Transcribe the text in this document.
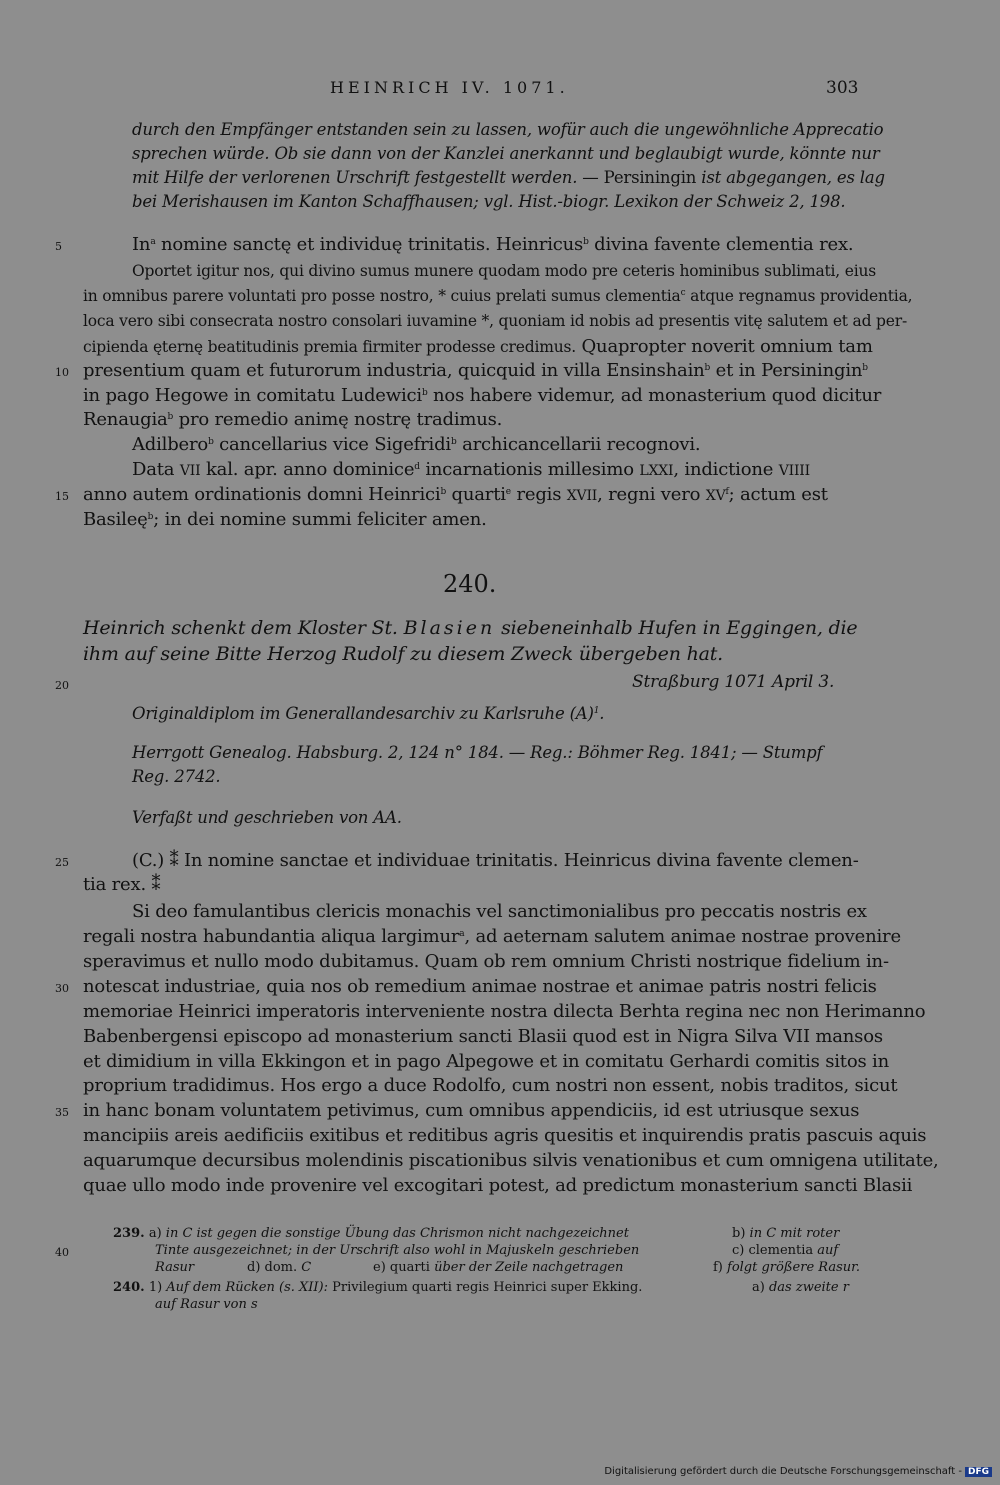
HEINRICH IV. 1071.	303
durch den Empfänger entstanden sein zu lassen, wofür auch die ungewöhnliche Apprecatio
sprechen würde. Ob sie dann von der Kanzlei anerkannt und beglaubigt wurde, könnte nur
mit Hilfe der verlorenen Urschrift festgestellt werden. — Persiningin ist abgegangen, es lag
bei Merishausen im Kanton Schaffhausen; vgl. Hist.-biogr. Lexikon der Schweiz 2, 198.
5	In$^a$ nomine sanctę et individuę trinitatis. Heinricus$^b$ divina favente clementia rex.
Oportet igitur nos, qui divino sumus munere quodam modo pre ceteris hominibus sublimati, eius
in omnibus parere voluntati pro posse nostro, * cuius prelati sumus clementia$^c$ atque regnamus providentia,
loca vero sibi consecrata nostro consolari iuvamine *, quoniam id nobis ad presentis vitę salutem et ad per-
cipienda ęternę beatitudinis premia firmiter prodesse credimus. Quapropter noverit omnium tam
10 presentium quam et futurorum industria, quicquid in villa Ensinshain$^b$ et in Persiningin$^b$
in pago Hegowe in comitatu Ludewici$^b$ nos habere videmur, ad monasterium quod dicitur
Renaugia$^b$ pro remedio animę nostrę tradimus.
Adilbero$^b$ cancellarius vice Sigefridi$^b$ archicancellarii recognovi.
Data VII kal. apr. anno dominice$^d$ incarnationis millesimo LXXI, indictione VIIII
15 anno autem ordinationis domni Heinrici$^b$ quarti$^e$ regis XVII, regni vero $XV^f$; actum est
Basileę$^b$; in dei nomine summi feliciter amen.
240.
Heinrich schenkt dem Kloster St. Blasien siebeneinhalb Hufen in Eggingen, die
ihm auf seine Bitte Herzog Rudolf zu diesem Zweck übergeben hat.
20	Straßburg 1071 April 3.
Originaldiplom im Generallandesarchiv zu Karlsruhe $(A)^1$.
Herrgott Genealog. Habsburg. 2, 124 n° 184. — Reg.: Böhmer Reg. 1841; — Stumpf
Reg. 2742.
Verfaßt und geschrieben von AA.
25	(C.) ⁑ In nomine sanctae et individuae trinitatis. Heinricus divina favente clemen-
tia rex. ⁑
Si deo famulantibus clericis monachis vel sanctimonialibus pro peccatis nostris ex
regali nostra habundantia aliqua largimur$^a$, ad aeternam salutem animae nostrae provenire
speravimus et nullo modo dubitamus. Quam ob rem omnium Christi nostrique fidelium in-
30 notescat industriae, quia nos ob remedium animae nostrae et animae patris nostri felicis
memoriae Heinrici imperatoris interveniente nostra dilecta Berhta regina nec non Herimanno
Babenbergensi episcopo ad monasterium sancti Blasii quod est in Nigra Silva VII mansos
et dimidium in villa Ekkingon et in pago Alpegowe et in comitatu Gerhardi comitis sitos in
proprium tradidimus. Hos ergo a duce Rodolfo, cum nostri non essent, nobis traditos, sicut
35 in hanc bonam voluntatem petivimus, cum omnibus appendiciis, id est utriusque sexus
mancipiis areis aedificiis exitibus et reditibus agris quesitis et inquirendis pratis pascuis aquis
aquarumque decursibus molendinis piscationibus silvis venationibus et cum omnigena utilitate,
quae ullo modo inde provenire vel excogitari potest, ad predictum monasterium sancti Blasii
239. a) in C ist gegen die sonstige Übung das Chrismon nicht nachgezeichnet	b) in C mit roter
40	Tinte ausgezeichnet; in der Urschrift also wohl in Majuskeln geschrieben	c) clementia auf
Rasur	d) dom. C	e) quarti über der Zeile nachgetragen	f) folgt größere Rasur.
240. 1) Auf dem Rücken (s. XII): Privilegium quarti regis Heinrici super Ekking.	a) das zweite r
auf Rasur von s
Digitalisierung gefördert durch die Deutsche Forschungsgemeinschaft - DFG
